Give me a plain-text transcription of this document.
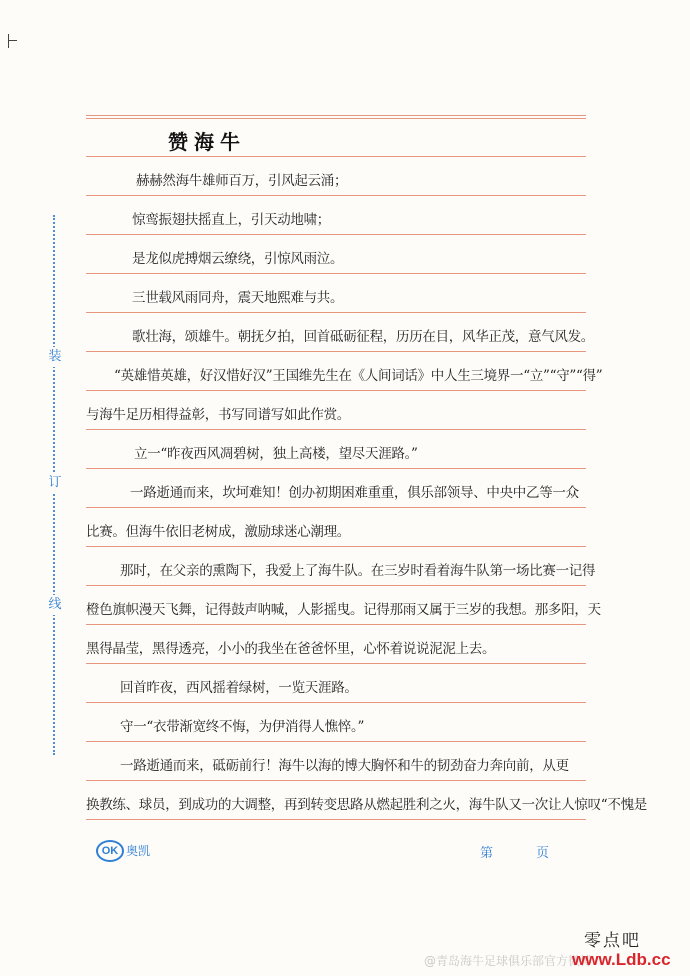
装
订
线
赞海牛
赫赫然海牛雄师百万，引风起云涌；
惊鸾振翅扶摇直上，引天动地啸；
是龙似虎搏烟云缭绕，引惊风雨泣。
三世载风雨同舟，震天地熙难与共。
歌壮海，颂雄牛。朝抚夕拍，回首砥砺征程，历历在目，风华正茂，意气风发。
“英雄惜英雄，好汉惜好汉”王国维先生在《人间词话》中人生三境界一“立”“守”“得”
与海牛足历相得益彰，书写同谱写如此作赏。
立一“昨夜西风凋碧树，独上高楼，望尽天涯路。”
一路逝通而来，坎坷难知！创办初期困难重重，俱乐部领导、中央中乙等一众
比赛。但海牛依旧老树成，激励球迷心潮理。
那时，在父亲的熏陶下，我爱上了海牛队。在三岁时看着海牛队第一场比赛一记得
橙色旗帜漫天飞舞，记得鼓声呐喊，人影摇曳。记得那雨又属于三岁的我想。那多阳，天
黑得晶莹，黑得透亮，小小的我坐在爸爸怀里，心怀着说说泥泥上去。
回首昨夜，西风摇着绿树，一览天涯路。
守一“衣带渐宽终不悔，为伊消得人憔悴。”
一路逝通而来，砥砺前行！海牛以海的博大胸怀和牛的韧劲奋力奔向前，从更
换教练、球员，到成功的大调整，再到转变思路从燃起胜利之火，海牛队又一次让人惊叹“不愧是
OK 奥凯	第	页
零点吧
@青岛海牛足球俱乐部官方微博
www.Ldb.cc
